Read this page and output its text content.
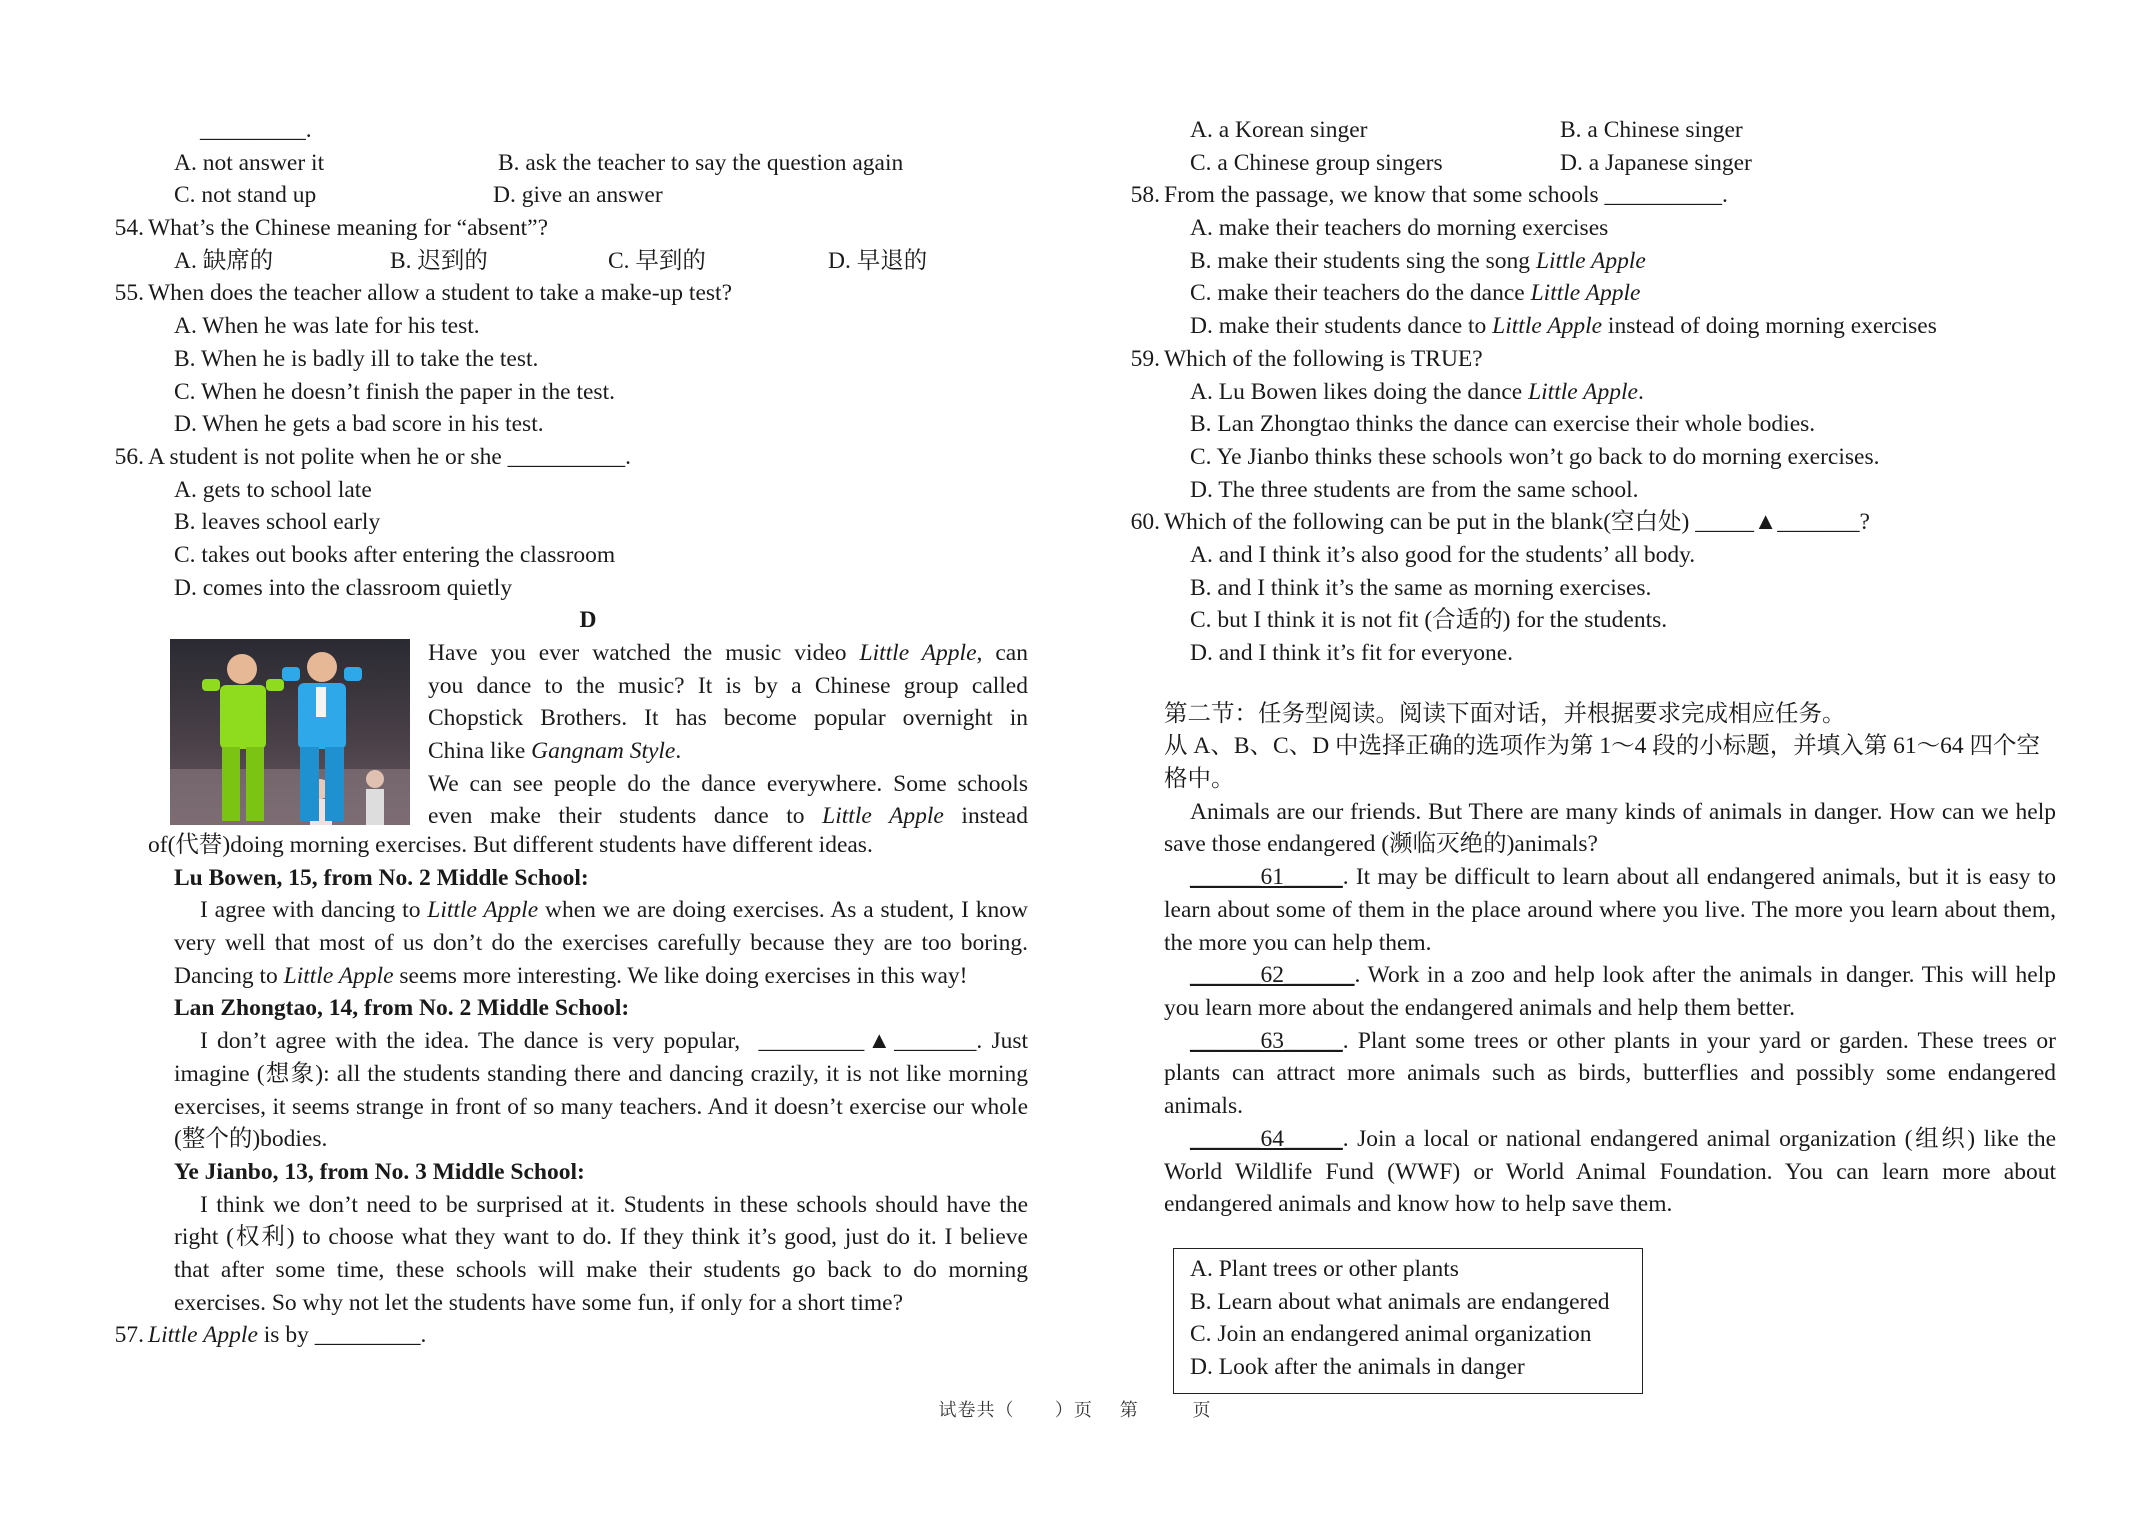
_________.
A. not answer it	B. ask the teacher to say the question again
C. not stand up	D. give an answer
54. What’s the Chinese meaning for “absent”?
A. 缺席的	B. 迟到的	C. 早到的	D. 早退的
55. When does the teacher allow a student to take a make-up test?
A. When he was late for his test.
B. When he is badly ill to take the test.
C. When he doesn’t finish the paper in the test.
D. When he gets a bad score in his test.
56. A student is not polite when he or she __________.
A. gets to school late
B. leaves school early
C. takes out books after entering the classroom
D. comes into the classroom quietly
D
Have you ever watched the music video Little Apple, can
you dance to the music? It is by a Chinese group called
Chopstick Brothers. It has become popular overnight in
China like Gangnam Style.
We can see people do the dance everywhere. Some schools
even make their students dance to Little Apple instead
of(代替)doing morning exercises. But different students have different ideas.
Lu Bowen, 15, from No. 2 Middle School:
I agree with dancing to Little Apple when we are doing exercises. As a student, I know very well that most of us don’t do the exercises carefully because they are too boring. Dancing to Little Apple seems more interesting. We like doing exercises in this way!
Lan Zhongtao, 14, from No. 2 Middle School:
I don’t agree with the idea. The dance is very popular, _________▲_______. Just imagine (想象): all the students standing there and dancing crazily, it is not like morning exercises, it seems strange in front of so many teachers. And it doesn’t exercise our whole (整个的)bodies.
Ye Jianbo, 13, from No. 3 Middle School:
I think we don’t need to be surprised at it. Students in these schools should have the right (权利) to choose what they want to do. If they think it’s good, just do it. I believe that after some time, these schools will make their students go back to do morning exercises. So why not let the students have some fun, if only for a short time?
57. Little Apple is by _________.
A. a Korean singer	B. a Chinese singer
C. a Chinese group singers	D. a Japanese singer
58. From the passage, we know that some schools __________.
A. make their teachers do morning exercises
B. make their students sing the song Little Apple
C. make their teachers do the dance Little Apple
D. make their students dance to Little Apple instead of doing morning exercises
59. Which of the following is TRUE?
A. Lu Bowen likes doing the dance Little Apple.
B. Lan Zhongtao thinks the dance can exercise their whole bodies.
C. Ye Jianbo thinks these schools won’t go back to do morning exercises.
D. The three students are from the same school.
60. Which of the following can be put in the blank(空白处) _____▲_______?
A. and I think it’s also good for the students’ all body.
B. and I think it’s the same as morning exercises.
C. but I think it is not fit (合适的) for the students.
D. and I think it’s fit for everyone.
第二节：任务型阅读。阅读下面对话，并根据要求完成相应任务。
从 A、B、C、D 中选择正确的选项作为第 1～4 段的小标题，并填入第 61～64 四个空格中。
Animals are our friends. But There are many kinds of animals in danger. How can we help save those endangered (濒临灭绝的)animals?
______61_____. It may be difficult to learn about all endangered animals, but it is easy to learn about some of them in the place around where you live. The more you learn about them, the more you can help them.
______62______. Work in a zoo and help look after the animals in danger. This will help you learn more about the endangered animals and help them better.
______63_____. Plant some trees or other plants in your yard or garden. These trees or plants can attract more animals such as birds, butterflies and possibly some endangered animals.
______64_____. Join a local or national endangered animal organization (组织) like the World Wildlife Fund (WWF) or World Animal Foundation. You can learn more about endangered animals and know how to help save them.
A. Plant trees or other plants
B. Learn about what animals are endangered
C. Join an endangered animal organization
D. Look after the animals in danger
试卷共（      ）页    第        页
